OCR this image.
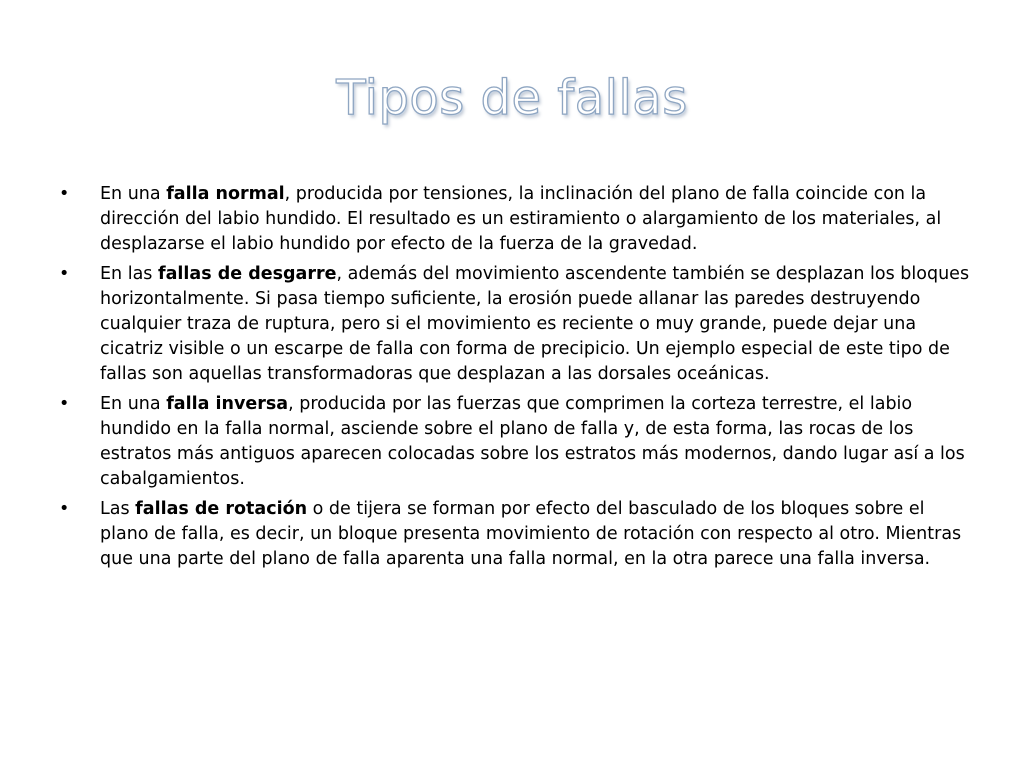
Tipos de fallas
• En una falla normal, producida por tensiones, la inclinación del plano de falla coincide con la dirección del labio hundido. El resultado es un estiramiento o alargamiento de los materiales, al desplazarse el labio hundido por efecto de la fuerza de la gravedad.
• En las fallas de desgarre, además del movimiento ascendente también se desplazan los bloques horizontalmente. Si pasa tiempo suficiente, la erosión puede allanar las paredes destruyendo cualquier traza de ruptura, pero si el movimiento es reciente o muy grande, puede dejar una cicatriz visible o un escarpe de falla con forma de precipicio. Un ejemplo especial de este tipo de fallas son aquellas transformadoras que desplazan a las dorsales oceánicas.
• En una falla inversa, producida por las fuerzas que comprimen la corteza terrestre, el labio hundido en la falla normal, asciende sobre el plano de falla y, de esta forma, las rocas de los estratos más antiguos aparecen colocadas sobre los estratos más modernos, dando lugar así a los cabalgamientos.
• Las fallas de rotación o de tijera se forman por efecto del basculado de los bloques sobre el plano de falla, es decir, un bloque presenta movimiento de rotación con respecto al otro. Mientras que una parte del plano de falla aparenta una falla normal, en la otra parece una falla inversa.
